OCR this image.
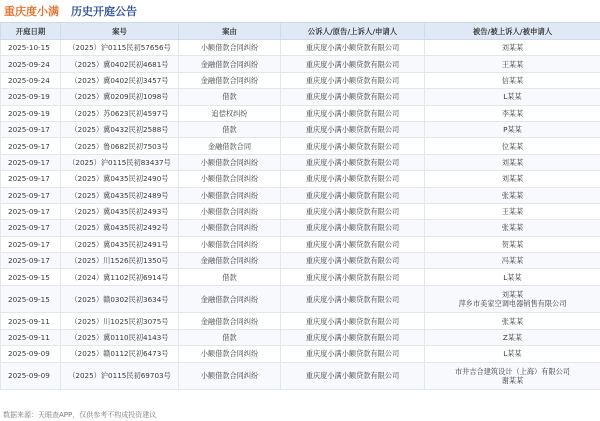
重庆度小满 历史开庭公告
开庭日期	案号	案由	公诉人/原告/上诉人/申请人	被告/被上诉人/被申请人
2025-10-15	（2025）沪0115民初57656号	小额借款合同纠纷	重庆度小满小额贷款有限公司	刘某某
2025-09-24	（2025）冀0402民初4681号	金融借款合同纠纷	重庆度小满小额贷款有限公司	王某某
2025-09-24	（2025）冀0402民初3457号	金融借款合同纠纷	重庆度小满小额贷款有限公司	信某某
2025-09-19	（2025）冀0209民初1098号	借款	重庆度小满小额贷款有限公司	L某某
2025-09-19	（2025）苏0623民初4597号	追偿权纠纷	重庆度小满小额贷款有限公司	李某某
2025-09-17	（2025）冀0432民初2588号	借款	重庆度小满小额贷款有限公司	P某某
2025-09-17	（2025）鲁0682民初7503号	金融借款合同	重庆度小满小额贷款有限公司	位某某
2025-09-17	（2025）沪0115民初83437号	小额借款合同纠纷	重庆度小满小额贷款有限公司	刘某某
2025-09-17	（2025）冀0435民初2490号	小额借款合同纠纷	重庆度小满小额贷款有限公司	刘某某
2025-09-17	（2025）冀0435民初2489号	小额借款合同纠纷	重庆度小满小额贷款有限公司	张某某
2025-09-17	（2025）冀0435民初2493号	小额借款合同纠纷	重庆度小满小额贷款有限公司	王某某
2025-09-17	（2025）冀0435民初2492号	小额借款合同纠纷	重庆度小满小额贷款有限公司	张某某
2025-09-17	（2025）冀0435民初2491号	小额借款合同纠纷	重庆度小满小额贷款有限公司	贺某某
2025-09-17	（2025）川1526民初1350号	金融借款合同纠纷	重庆度小满小额贷款有限公司	冯某某
2025-09-15	（2024）冀1102民初6914号	借款	重庆度小满小额贷款有限公司	L某某
2025-09-15	（2025）赣0302民初3634号	金融借款合同纠纷	重庆度小满小额贷款有限公司	刘某某
萍乡市美家空调电器销售有限公司

2025-09-11	（2025）川1025民初3075号	金融借款合同纠纷	重庆度小满小额贷款有限公司	张某某
2025-09-11	（2025）冀0110民初4143号	借款	重庆度小满小额贷款有限公司	Z某某
2025-09-09	（2025）赣0112民初6473号	小额借款合同纠纷	重庆度小满小额贷款有限公司	L某某
2025-09-09	（2025）沪0115民初69703号	小额借款合同纠纷	重庆度小满小额贷款有限公司	市井吉合建筑设计（上海）有限公司
谢某某
数据来源：天眼查APP，仅供参考不构成投资建议
